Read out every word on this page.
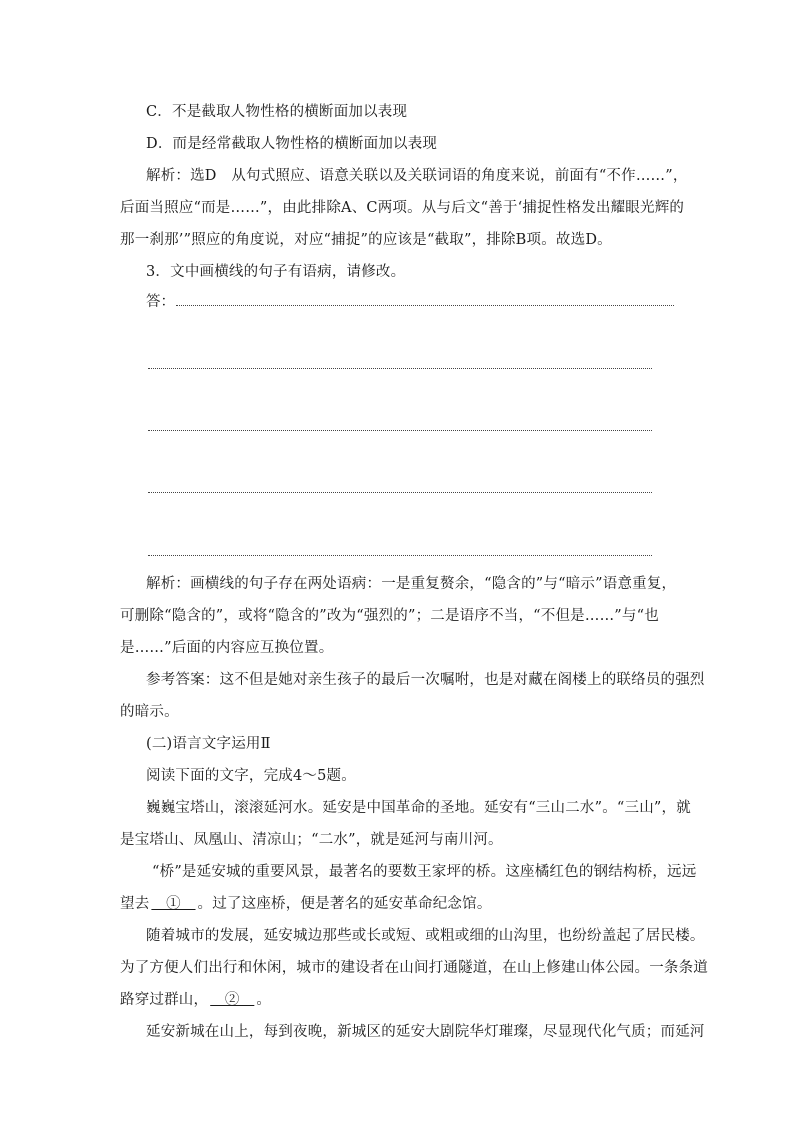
C．不是截取人物性格的横断面加以表现
D．而是经常截取人物性格的横断面加以表现
解析：选D　从句式照应、语意关联以及关联词语的角度来说，前面有“不作……”，
后面当照应“而是……”，由此排除A、C两项。从与后文“善于‘捕捉性格发出耀眼光辉的
那一刹那’”照应的角度说，对应“捕捉”的应该是“截取”，排除B项。故选D。
3．文中画横线的句子有语病，请修改。
答：
解析：画横线的句子存在两处语病：一是重复赘余，“隐含的”与“暗示”语意重复，
可删除“隐含的”，或将“隐含的”改为“强烈的”；二是语序不当，“不但是……”与“也
是……”后面的内容应互换位置。
参考答案：这不但是她对亲生孩子的最后一次嘱咐，也是对藏在阁楼上的联络员的强烈
的暗示。
(二)语言文字运用Ⅱ
阅读下面的文字，完成4～5题。
巍巍宝塔山，滚滚延河水。延安是中国革命的圣地。延安有“三山二水”。“三山”，就
是宝塔山、凤凰山、清凉山；“二水”，就是延河与南川河。
“桥”是延安城的重要风景，最著名的要数王家坪的桥。这座橘红色的钢结构桥，远远
望去　①　。过了这座桥，便是著名的延安革命纪念馆。
随着城市的发展，延安城边那些或长或短、或粗或细的山沟里，也纷纷盖起了居民楼。
为了方便人们出行和休闲，城市的建设者在山间打通隧道，在山上修建山体公园。一条条道
路穿过群山，　②　。
延安新城在山上，每到夜晚，新城区的延安大剧院华灯璀璨，尽显现代化气质；而延河
